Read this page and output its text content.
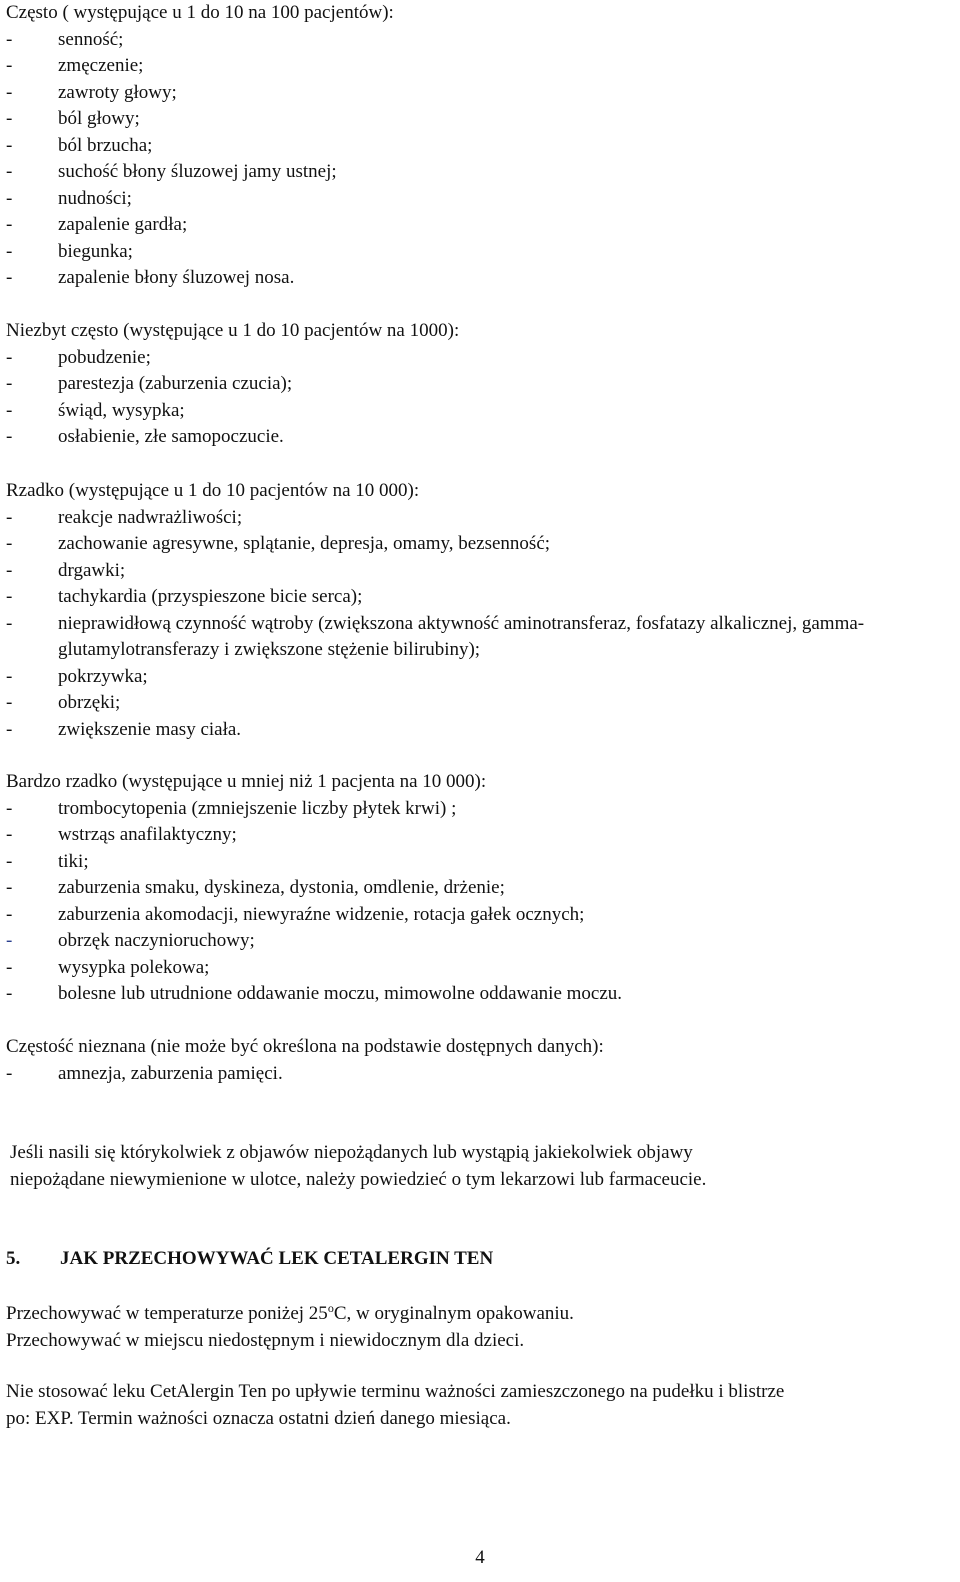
Często ( występujące u 1 do 10 na 100 pacjentów):
-	senność;
-	zmęczenie;
-	zawroty głowy;
-	ból głowy;
-	ból brzucha;
-	suchość błony śluzowej jamy ustnej;
-	nudności;
-	zapalenie gardła;
-	biegunka;
-	zapalenie błony śluzowej nosa.
Niezbyt często (występujące u 1 do 10 pacjentów na 1000):
-	pobudzenie;
-	parestezja (zaburzenia czucia);
-	świąd, wysypka;
-	osłabienie, złe samopoczucie.
Rzadko (występujące u 1 do 10 pacjentów na 10 000):
-	reakcje nadwrażliwości;
-	zachowanie agresywne, splątanie, depresja, omamy, bezsenność;
-	drgawki;
-	tachykardia (przyspieszone bicie serca);
-	nieprawidłową czynność wątroby (zwiększona aktywność aminotransferaz, fosfatazy alkalicznej, gamma-glutamylotransferazy i zwiększone stężenie bilirubiny);
-	pokrzywka;
-	obrzęki;
-	zwiększenie masy ciała.
Bardzo rzadko (występujące u mniej niż 1 pacjenta na 10 000):
-	trombocytopenia (zmniejszenie liczby płytek krwi) ;
-	wstrząs anafilaktyczny;
-	tiki;
-	zaburzenia smaku, dyskineza, dystonia, omdlenie, drżenie;
-	zaburzenia akomodacji, niewyraźne widzenie, rotacja gałek ocznych;
-	obrzęk naczynioruchowy;
-	wysypka polekowa;
-	bolesne lub utrudnione oddawanie moczu, mimowolne oddawanie moczu.
Częstość nieznana (nie może być określona na podstawie dostępnych danych):
-	amnezja, zaburzenia pamięci.
Jeśli nasili się którykolwiek z objawów niepożądanych lub wystąpią jakiekolwiek objawy
niepożądane niewymienione w ulotce, należy powiedzieć o tym lekarzowi lub farmaceucie.
5.	JAK PRZECHOWYWAĆ LEK CETALERGIN TEN
Przechowywać w temperaturze poniżej 25$^o$C, w oryginalnym opakowaniu.
Przechowywać w miejscu niedostępnym i niewidocznym dla dzieci.
Nie stosować leku CetAlergin Ten po upływie terminu ważności zamieszczonego na pudełku i blistrze
po: EXP. Termin ważności oznacza ostatni dzień danego miesiąca.
4
